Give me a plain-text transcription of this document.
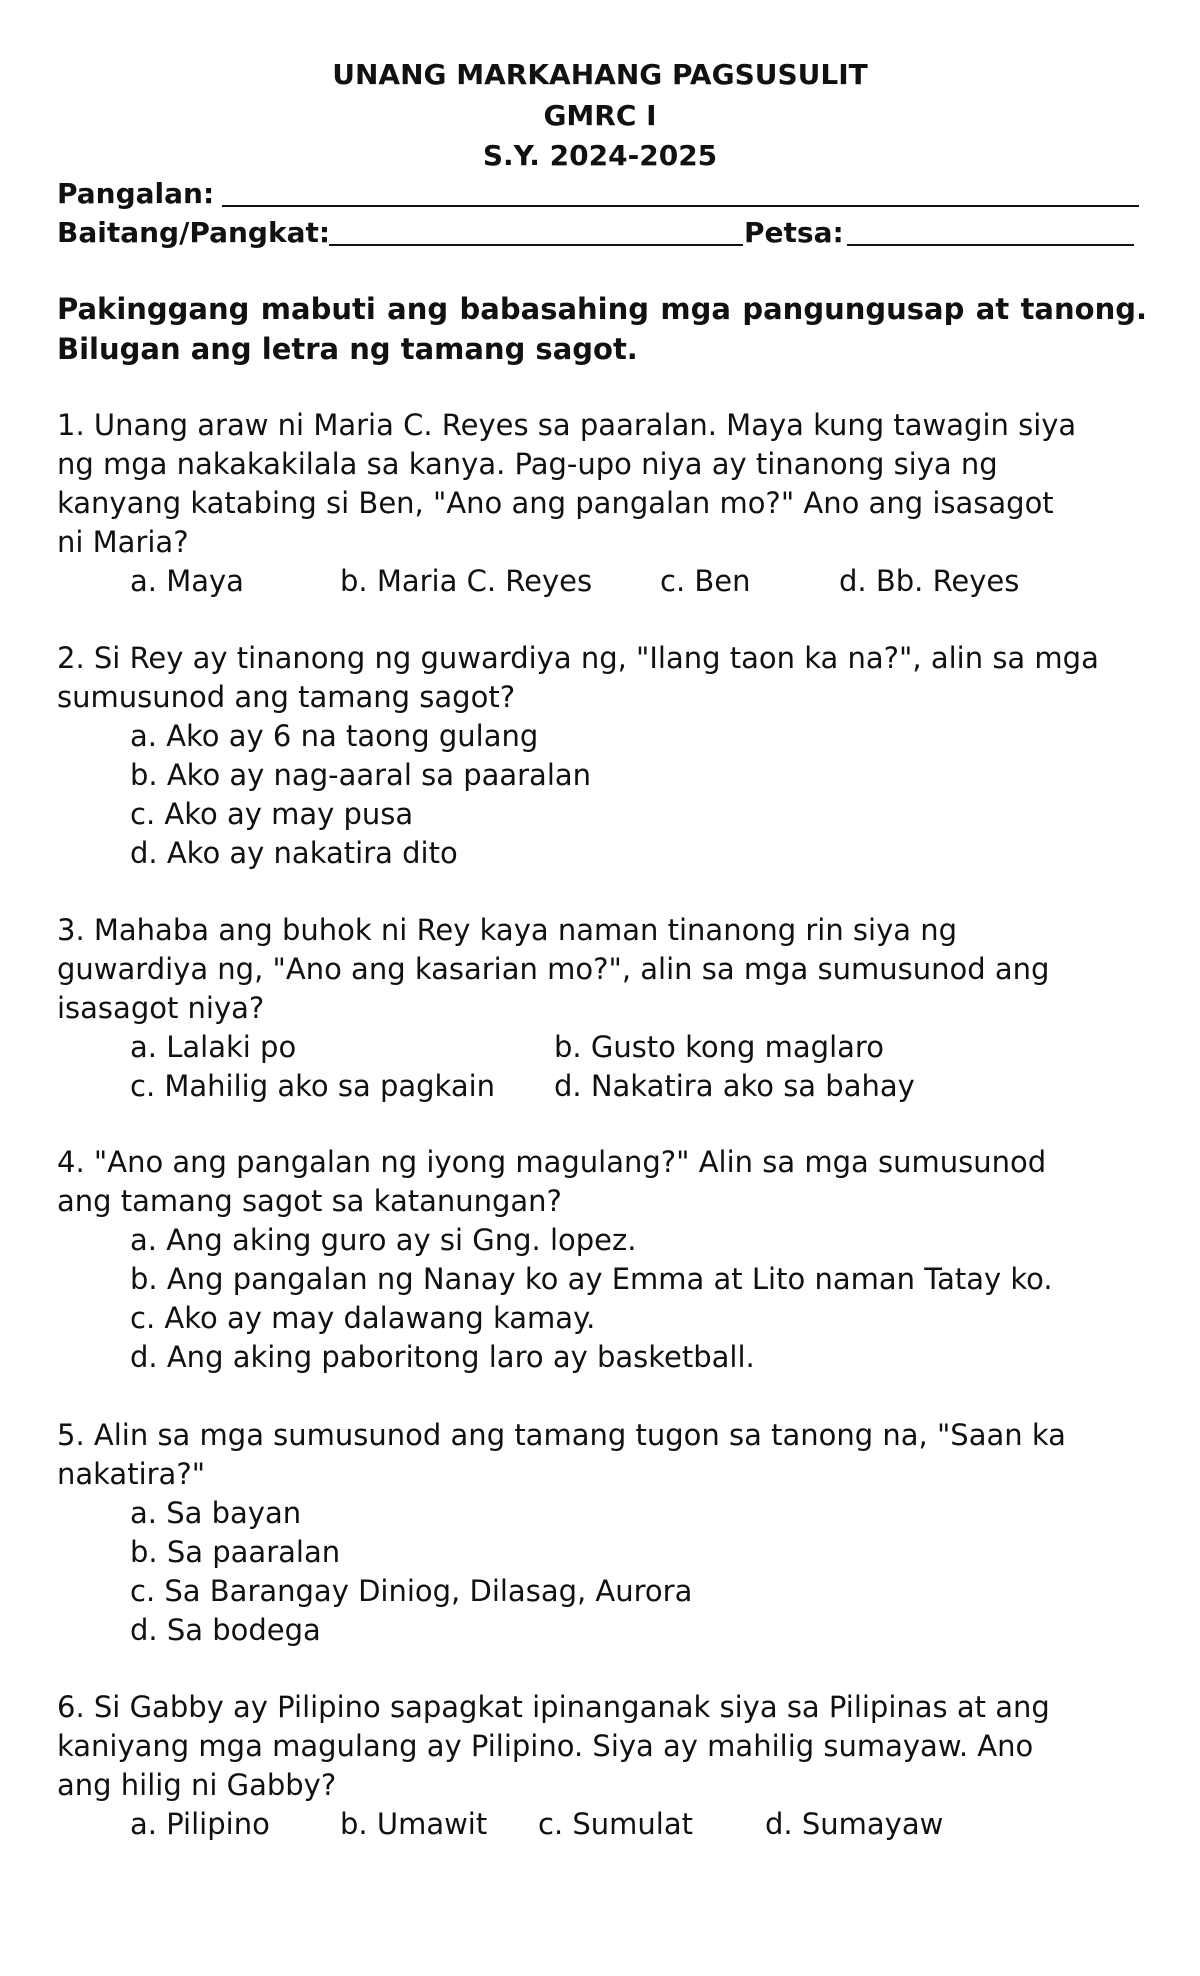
UNANG MARKAHANG PAGSUSULIT
GMRC I
S.Y. 2024-2025
Pangalan:
Baitang/Pangkat:	Petsa:
Pakinggang mabuti ang babasahing mga pangungusap at tanong.
Bilugan ang letra ng tamang sagot.
1. Unang araw ni Maria C. Reyes sa paaralan. Maya kung tawagin siya
ng mga nakakakilala sa kanya. Pag-upo niya ay tinanong siya ng
kanyang katabing si Ben, "Ano ang pangalan mo?" Ano ang isasagot
ni Maria?
a. Maya	b. Maria C. Reyes c. Ben	d. Bb. Reyes
2. Si Rey ay tinanong ng guwardiya ng, "Ilang taon ka na?", alin sa mga
sumusunod ang tamang sagot?
a. Ako ay 6 na taong gulang
b. Ako ay nag-aaral sa paaralan
c. Ako ay may pusa
d. Ako ay nakatira dito
3. Mahaba ang buhok ni Rey kaya naman tinanong rin siya ng
guwardiya ng, "Ano ang kasarian mo?", alin sa mga sumusunod ang
isasagot niya?
a. Lalaki po	b. Gusto kong maglaro
c. Mahilig ako sa pagkain d. Nakatira ako sa bahay
4. "Ano ang pangalan ng iyong magulang?" Alin sa mga sumusunod
ang tamang sagot sa katanungan?
a. Ang aking guro ay si Gng. lopez.
b. Ang pangalan ng Nanay ko ay Emma at Lito naman Tatay ko.
c. Ako ay may dalawang kamay.
d. Ang aking paboritong laro ay basketball.
5. Alin sa mga sumusunod ang tamang tugon sa tanong na, "Saan ka
nakatira?"
a. Sa bayan
b. Sa paaralan
c. Sa Barangay Diniog, Dilasag, Aurora
d. Sa bodega
6. Si Gabby ay Pilipino sapagkat ipinanganak siya sa Pilipinas at ang
kaniyang mga magulang ay Pilipino. Siya ay mahilig sumayaw. Ano
ang hilig ni Gabby?
a. Pilipino b. Umawit c. Sumulat d. Sumayaw
